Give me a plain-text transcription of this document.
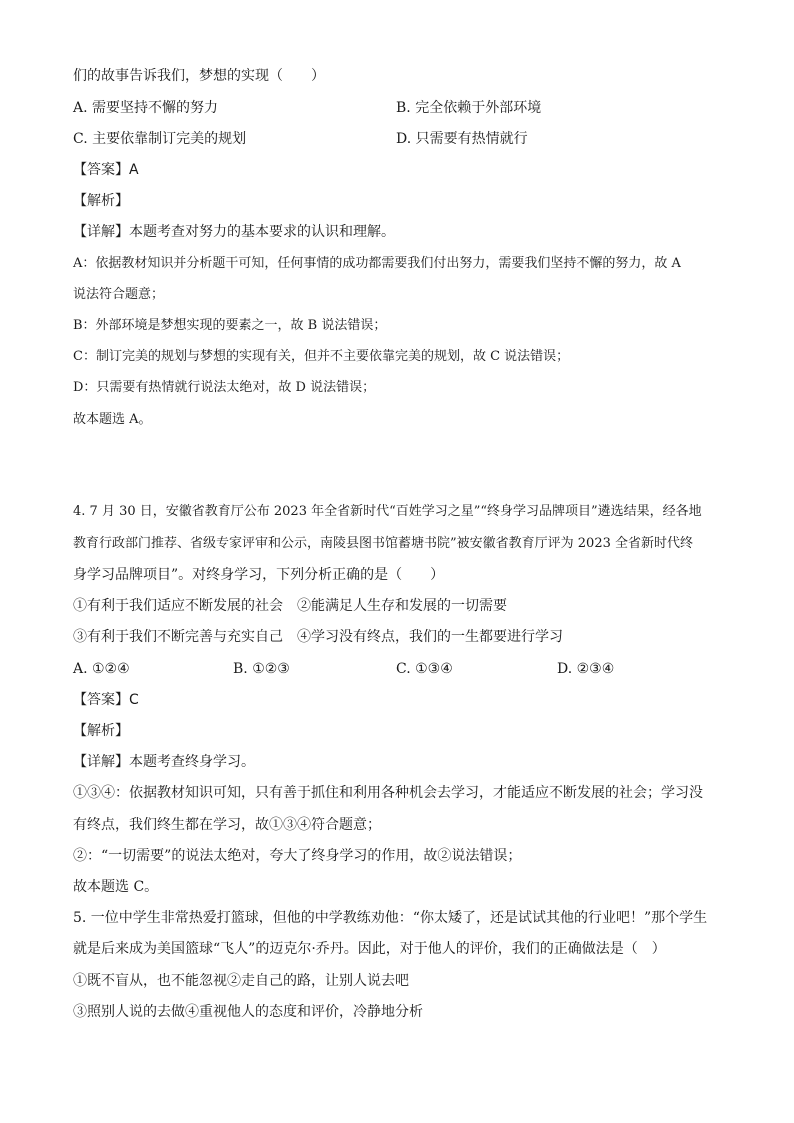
们的故事告诉我们，梦想的实现（　　）
A. 需要坚持不懈的努力	B. 完全依赖于外部环境
C. 主要依靠制订完美的规划	D. 只需要有热情就行
【答案】A
【解析】
【详解】本题考查对努力的基本要求的认识和理解。
A：依据教材知识并分析题干可知，任何事情的成功都需要我们付出努力，需要我们坚持不懈的努力，故 A
说法符合题意；
B：外部环境是梦想实现的要素之一，故 B 说法错误；
C：制订完美的规划与梦想的实现有关，但并不主要依靠完美的规划，故 C 说法错误；
D：只需要有热情就行说法太绝对，故 D 说法错误；
故本题选 A。
4. 7 月 30 日，安徽省教育厅公布 2023 年全省新时代“百姓学习之星”“终身学习品牌项目”遴选结果，经各地
教育行政部门推荐、省级专家评审和公示，南陵县图书馆蓄塘书院”被安徽省教育厅评为 2023 全省新时代终
身学习品牌项目”。对终身学习，下列分析正确的是（　　）
①有利于我们适应不断发展的社会　②能满足人生存和发展的一切需要
③有利于我们不断完善与充实自己　④学习没有终点，我们的一生都要进行学习
A. ①②④	B. ①②③	C. ①③④	D. ②③④
【答案】C
【解析】
【详解】本题考查终身学习。
①③④：依据教材知识可知，只有善于抓住和利用各种机会去学习，才能适应不断发展的社会；学习没
有终点，我们终生都在学习，故①③④符合题意；
②：“一切需要”的说法太绝对，夸大了终身学习的作用，故②说法错误；
故本题选 C。
5. 一位中学生非常热爱打篮球，但他的中学教练劝他：“你太矮了，还是试试其他的行业吧！”那个学生
就是后来成为美国篮球“飞人”的迈克尔·乔丹。因此，对于他人的评价，我们的正确做法是（　）
①既不盲从，也不能忽视②走自己的路，让别人说去吧
③照别人说的去做④重视他人的态度和评价，冷静地分析
